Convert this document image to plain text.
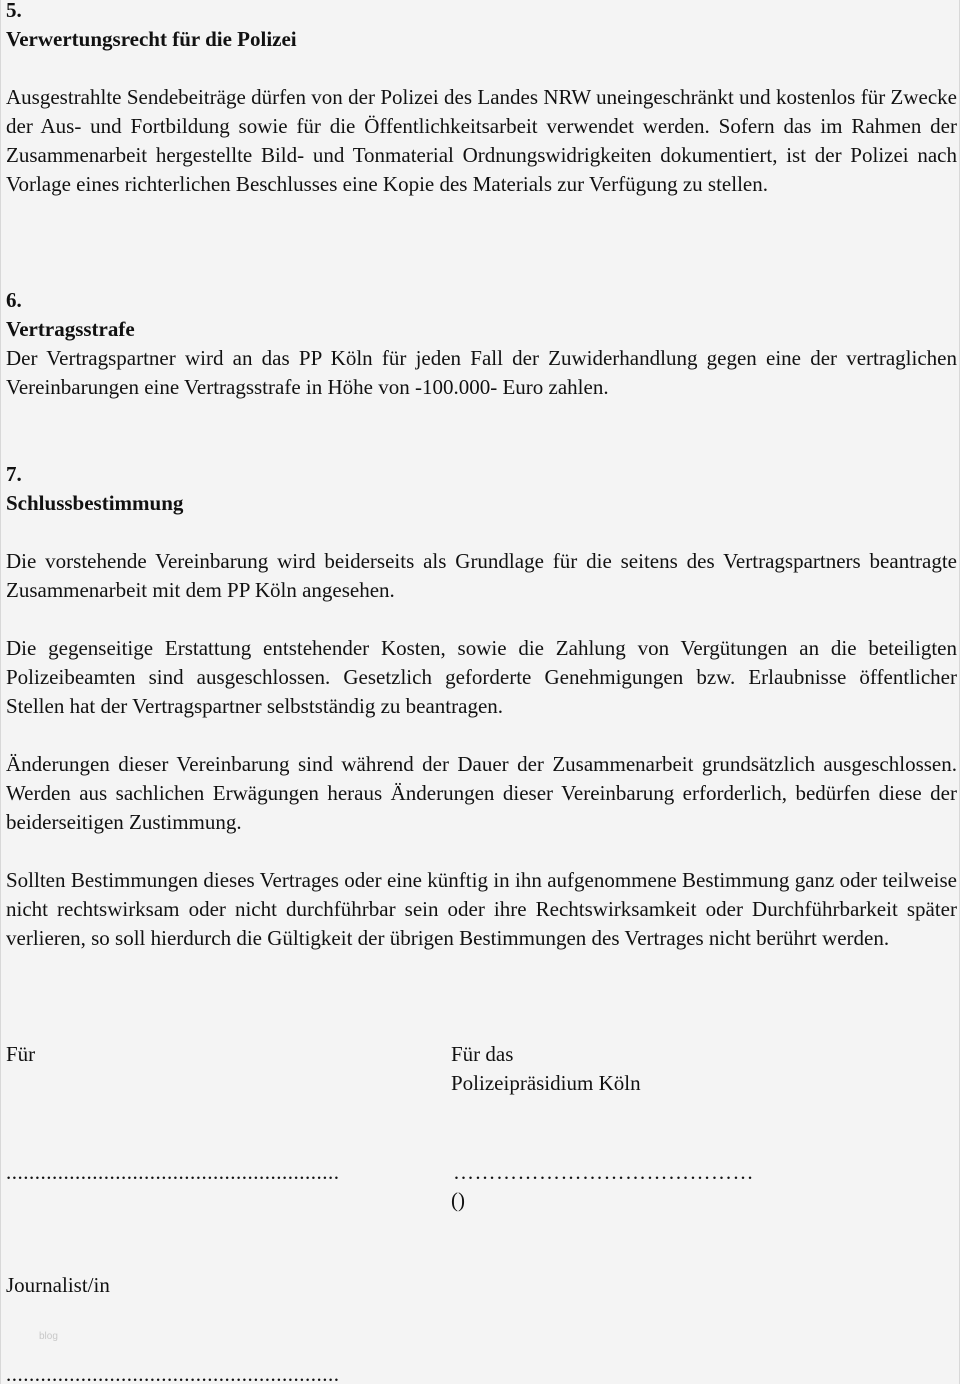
5.
Verwertungsrecht für die Polizei

Ausgestrahlte Sendebeiträge dürfen von der Polizei des Landes NRW uneingeschränkt und kostenlos für Zwecke der Aus- und Fortbildung sowie für die Öffentlichkeitsarbeit verwendet werden. Sofern das im Rahmen der Zusammenarbeit hergestellte Bild- und Tonmaterial Ordnungswidrigkeiten dokumentiert, ist der Polizei nach Vorlage eines richterlichen Beschlusses eine Kopie des Materials zur Verfügung zu stellen.

6.
Vertragsstrafe

Der Vertragspartner wird an das PP Köln für jeden Fall der Zuwiderhandlung gegen eine der vertraglichen Vereinbarungen eine Vertragsstrafe in Höhe von -100.000- Euro zahlen.

7.
Schlussbestimmung

Die vorstehende Vereinbarung wird beiderseits als Grundlage für die seitens des Vertragspartners beantragte Zusammenarbeit mit dem PP Köln angesehen.

Die gegenseitige Erstattung entstehender Kosten, sowie die Zahlung von Vergütungen an die beteiligten Polizeibeamten sind ausgeschlossen. Gesetzlich geforderte Genehmigungen bzw. Erlaubnisse öffentlicher Stellen hat der Vertragspartner selbstständig zu beantragen.

Änderungen dieser Vereinbarung sind während der Dauer der Zusammenarbeit grundsätzlich ausgeschlossen. Werden aus sachlichen Erwägungen heraus Änderungen dieser Vereinbarung erforderlich, bedürfen diese der beiderseitigen Zustimmung.

Sollten Bestimmungen dieses Vertrages oder eine künftig in ihn aufgenommene Bestimmung ganz oder teilweise nicht rechtswirksam oder nicht durchführbar sein oder ihre Rechtswirksamkeit oder Durchführbarkeit später verlieren, so soll hierdurch die Gültigkeit der übrigen Bestimmungen des Vertrages nicht berührt werden.

Für	Für das
Polizeipräsidium Köln
..........................................................	……………………………………
()
Journalist/in
blog
..........................................................
